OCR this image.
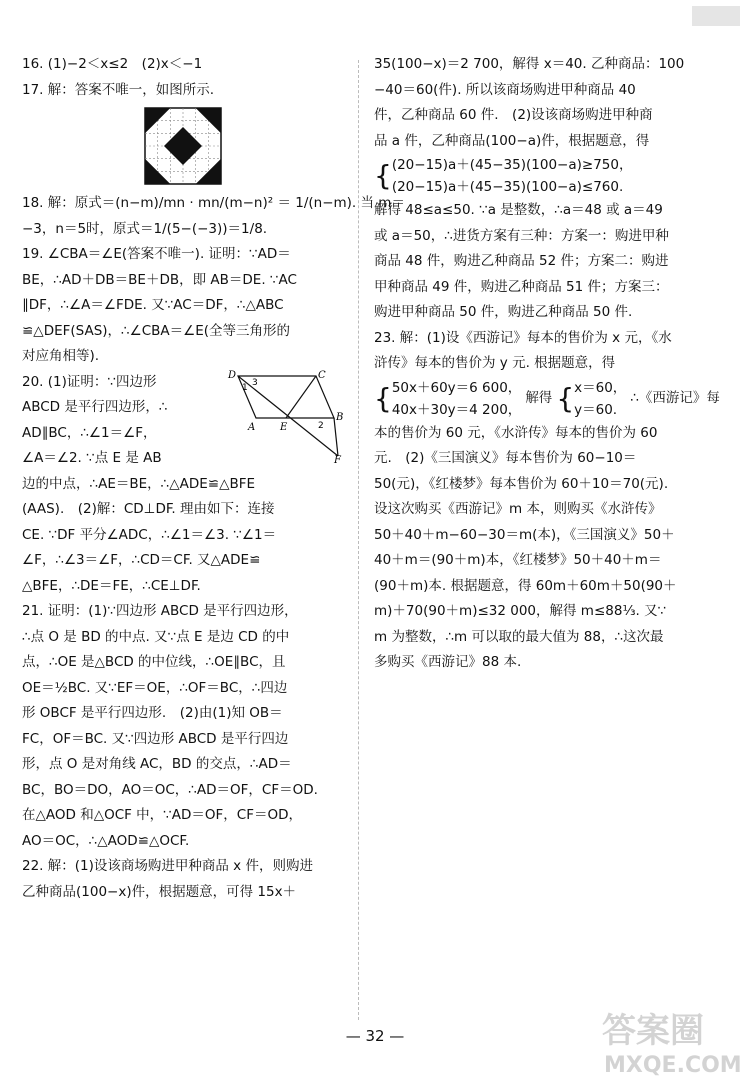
16. (1)−2＜x≤2　(2)x＜−1
17. 解：答案不唯一，如图所示.
18. 解：原式＝(n−m)/mn · mn/(m−n)² ＝ 1/(n−m). 当 m＝
−3，n＝5时，原式＝1/(5−(−3))＝1/8.
19. ∠CBA＝∠E(答案不唯一). 证明：∵AD＝
BE，∴AD＋DB＝BE＋DB，即 AB＝DE. ∵AC
∥DF，∴∠A＝∠FDE. 又∵AC＝DF，∴△ABC
≌△DEF(SAS)，∴∠CBA＝∠E(全等三角形的
对应角相等).
D	C
A E
B
F
1
2
3
20. (1)证明：∵四边形
ABCD 是平行四边形，∴
AD∥BC，∴∠1＝∠F，
∠A＝∠2. ∵点 E 是 AB
边的中点，∴AE＝BE，∴△ADE≌△BFE
(AAS).　(2)解：CD⊥DF. 理由如下：连接
CE. ∵DF 平分∠ADC，∴∠1＝∠3. ∵∠1＝
∠F，∴∠3＝∠F，∴CD＝CF. 又△ADE≌
△BFE，∴DE＝FE，∴CE⊥DF.
21. 证明：(1)∵四边形 ABCD 是平行四边形，
∴点 O 是 BD 的中点. 又∵点 E 是边 CD 的中
点，∴OE 是△BCD 的中位线，∴OE∥BC，且
OE＝½BC. 又∵EF＝OE，∴OF＝BC，∴四边
形 OBCF 是平行四边形.　(2)由(1)知 OB＝
FC，OF＝BC. 又∵四边形 ABCD 是平行四边
形，点 O 是对角线 AC，BD 的交点，∴AD＝
BC，BO＝DO，AO＝OC，∴AD＝OF，CF＝OD.
在△AOD 和△OCF 中，∵AD＝OF，CF＝OD，
AO＝OC，∴△AOD≌△OCF.
22. 解：(1)设该商场购进甲种商品 x 件，则购进
乙种商品(100−x)件，根据题意，可得 15x＋
35(100−x)＝2 700，解得 x＝40. 乙种商品：100
−40＝60(件). 所以该商场购进甲种商品 40
件，乙种商品 60 件.　(2)设该商场购进甲种商
品 a 件，乙种商品(100−a)件，根据题意，得
{ (20−15)a＋(45−35)(100−a)≥750，
(20−15)a＋(45−35)(100−a)≤760.
解得 48≤a≤50. ∵a 是整数，∴a＝48 或 a＝49
或 a＝50，∴进货方案有三种：方案一：购进甲种
商品 48 件，购进乙种商品 52 件；方案二：购进
甲种商品 49 件，购进乙种商品 51 件；方案三：
购进甲种商品 50 件，购进乙种商品 50 件.
23. 解：(1)设《西游记》每本的售价为 x 元，《水
浒传》每本的售价为 y 元. 根据题意，得
{ 50x＋60y＝6 600，
40x＋30y＝4 200，
解得 { x＝60，
y＝60.
∴《西游记》每
本的售价为 60 元，《水浒传》每本的售价为 60
元.　(2)《三国演义》每本售价为 60−10＝
50(元)，《红楼梦》每本售价为 60＋10＝70(元).
设这次购买《西游记》m 本，则购买《水浒传》
50＋40＋m−60−30＝m(本)，《三国演义》50＋
40＋m＝(90＋m)本，《红楼梦》50＋40＋m＝
(90＋m)本. 根据题意，得 60m＋60m＋50(90＋
m)＋70(90＋m)≤32 000，解得 m≤88⅓. 又∵
m 为整数，∴m 可以取的最大值为 88，∴这次最
多购买《西游记》88 本.
— 32 —	答案圈
MXQE.COM
